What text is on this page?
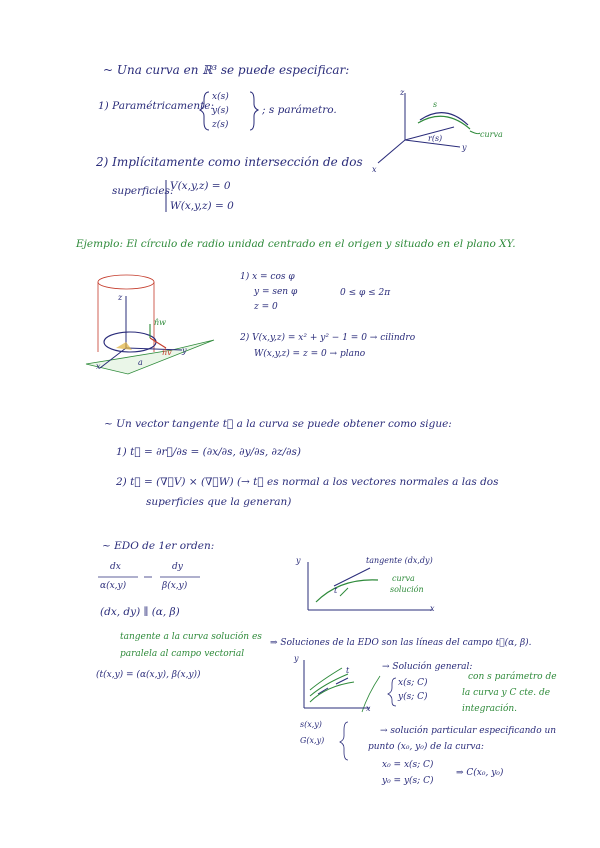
~ Una curva en ℝ³ se puede especificar:
1) Paramétricamente:
x(s)
y(s)
z(s)
; s parámetro.
2) Implícitamente como intersección de dos
superficies:
V(x,y,z) = 0
W(x,y,z) = 0
z
y
x
s
r(s)	curva
Ejemplo: El círculo de radio unidad centrado en el origen y situado en el plano XY.
1) x = cos φ
y = sen φ
z = 0
0 ≤ φ ≤ 2π
2) V(x,y,z) = x² + y² − 1 = 0 → cilindro
W(x,y,z) = z = 0 → plano
z
y
x	a
n̂w
n̂v
~ Un vector tangente t⃗ a la curva se puede obtener como sigue:
1) t⃗ = ∂r⃗/∂s = (∂x/∂s, ∂y/∂s, ∂z/∂s)
2) t⃗ = (∇⃗V) × (∇⃗W) (→ t⃗ es normal a los vectores normales a las dos
superficies que la generan)
~ EDO de 1er orden:
dx
α(x,y)
dy
β(x,y)
(dx, dy) ∥ (α, β)
tangente a la curva solución es
paralela al campo vectorial
(t(x,y) = (α(x,y), β(x,y))
y
x
tangente (dx,dy)
curva
solución
t
⇒ Soluciones de la EDO son las líneas del campo t⃗(α, β).
→ Solución general:
x(s; C)
y(s; C)
con s parámetro de
la curva y C cte. de
integración.
→ solución particular especificando un
punto (x₀, y₀) de la curva:
x₀ = x(s; C)
y₀ = y(s; C)
⇒ C(x₀, y₀)
y
x
t
s(x,y)
G(x,y)
